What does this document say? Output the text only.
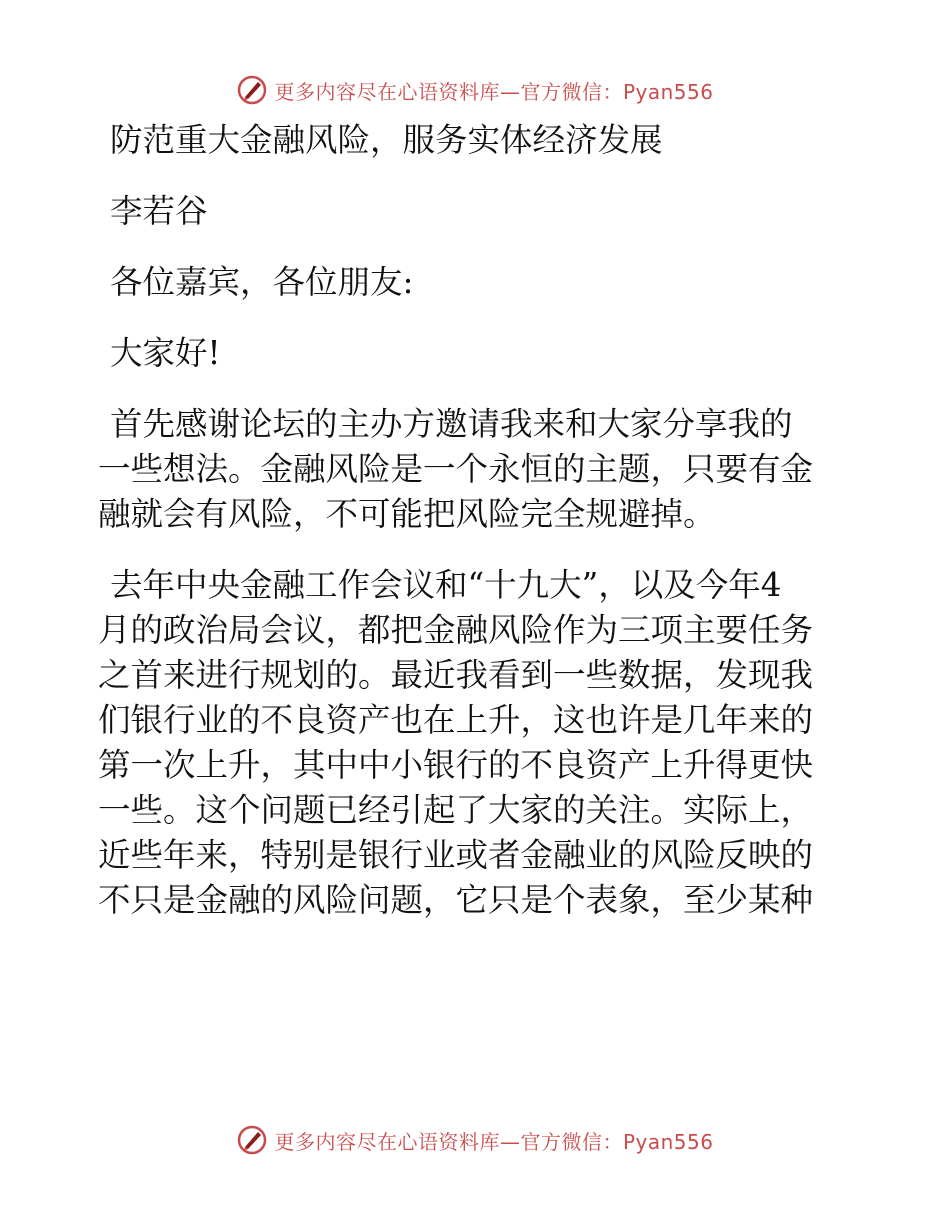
更多内容尽在心语资料库—官方微信：Pyan556

防范重大金融风险，服务实体经济发展

李若谷

各位嘉宾，各位朋友:

大家好!

首先感谢论坛的主办方邀请我来和大家分享我的

一些想法。金融风险是一个永恒的主题，只要有金

融就会有风险，不可能把风险完全规避掉。

去年中央金融工作会议和“十九大”，以及今年4

月的政治局会议，都把金融风险作为三项主要任务

之首来进行规划的。最近我看到一些数据，发现我

们银行业的不良资产也在上升，这也许是几年来的

第一次上升，其中中小银行的不良资产上升得更快

一些。这个问题已经引起了大家的关注。实际上，

近些年来，特别是银行业或者金融业的风险反映的

不只是金融的风险问题，它只是个表象，至少某种

更多内容尽在心语资料库—官方微信：Pyan556
